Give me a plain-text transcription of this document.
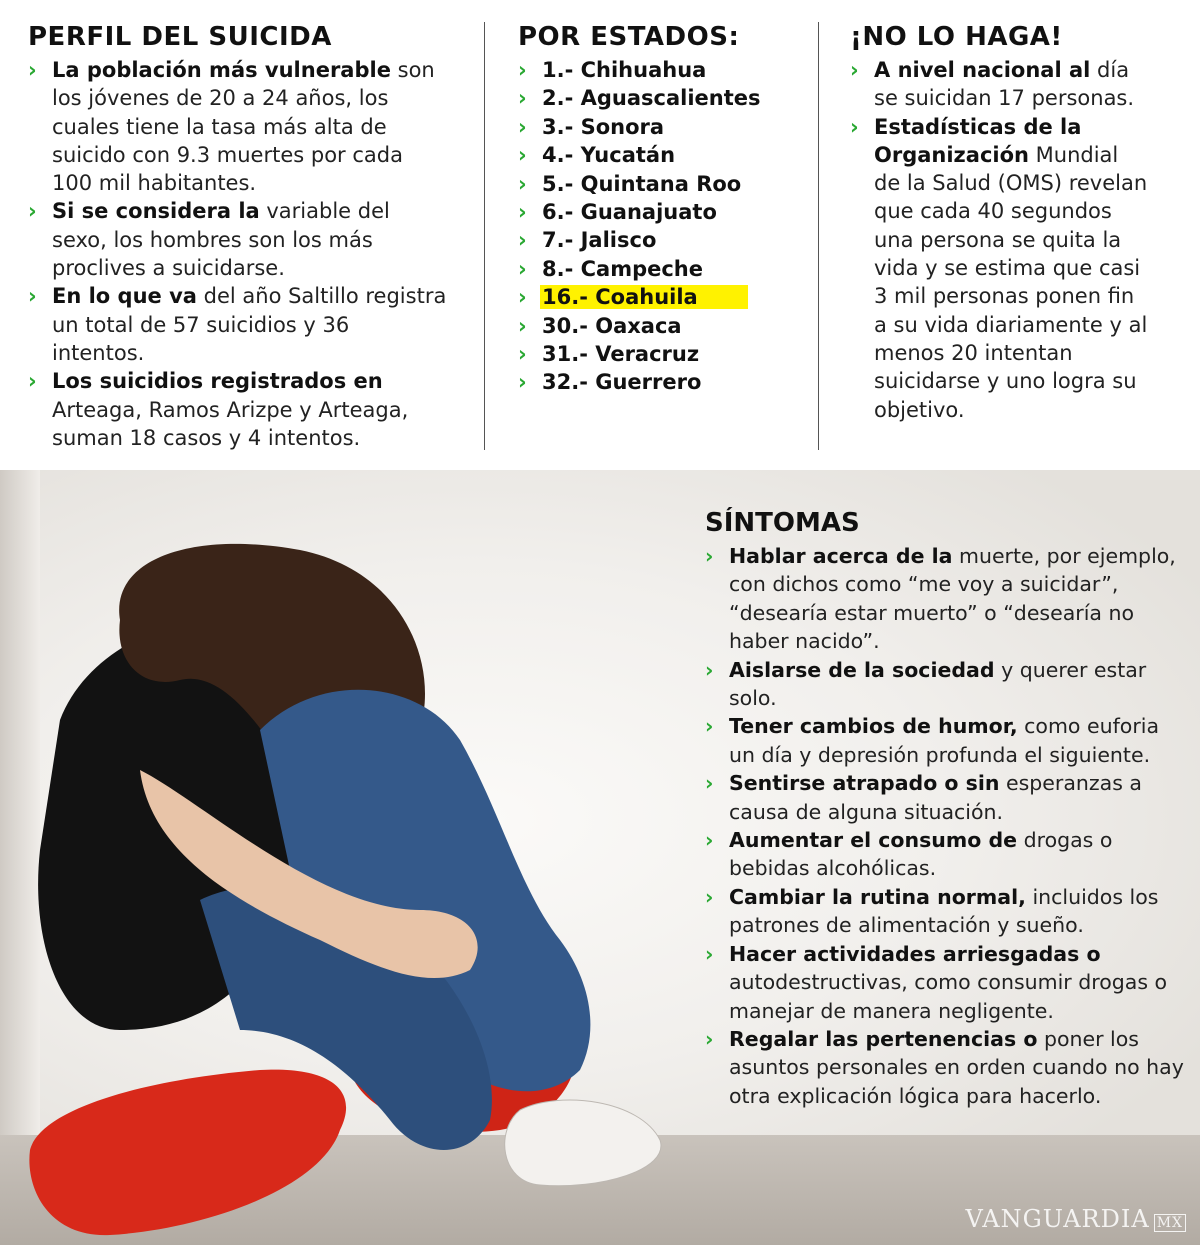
PERFIL DEL SUICIDA
› La población más vulnerable son los jóvenes de 20 a 24 años, los cuales tiene la tasa más alta de suicido con 9.3 muertes por cada 100 mil habitantes.
› Si se considera la variable del sexo, los hombres son los más proclives a suicidarse.
› En lo que va del año Saltillo registra un total de 57 suicidios y 36 intentos.
› Los suicidios registrados en Arteaga, Ramos Arizpe y Arteaga, suman 18 casos y 4 intentos.
POR ESTADOS:
› 1.- Chihuahua
› 2.- Aguascalientes
› 3.- Sonora
› 4.- Yucatán
› 5.- Quintana Roo
› 6.- Guanajuato
› 7.- Jalisco
› 8.- Campeche
› 16.- Coahuila
› 30.- Oaxaca
› 31.- Veracruz
› 32.- Guerrero
¡NO LO HAGA!
› A nivel nacional al día se suicidan 17 personas.
› Estadísticas de la Organización Mundial de la Salud (OMS) revelan que cada 40 segundos una persona se quita la vida y se estima que casi 3 mil personas ponen fin a su vida diariamente y al menos 20 intentan suicidarse y uno logra su objetivo.
SÍNTOMAS
› Hablar acerca de la muerte, por ejemplo, con dichos como “me voy a suicidar”, “desearía estar muerto” o “desearía no haber nacido”.
› Aislarse de la sociedad y querer estar solo.
› Tener cambios de humor, como euforia un día y depresión profunda el siguiente.
› Sentirse atrapado o sin esperanzas a causa de alguna situación.
› Aumentar el consumo de drogas o bebidas alcohólicas.
› Cambiar la rutina normal, incluidos los patrones de alimentación y sueño.
› Hacer actividades arriesgadas o autodestructivas, como consumir drogas o manejar de manera negligente.
› Regalar las pertenencias o poner los asuntos personales en orden cuando no hay otra explicación lógica para hacerlo.
VANGUARDIA MX
